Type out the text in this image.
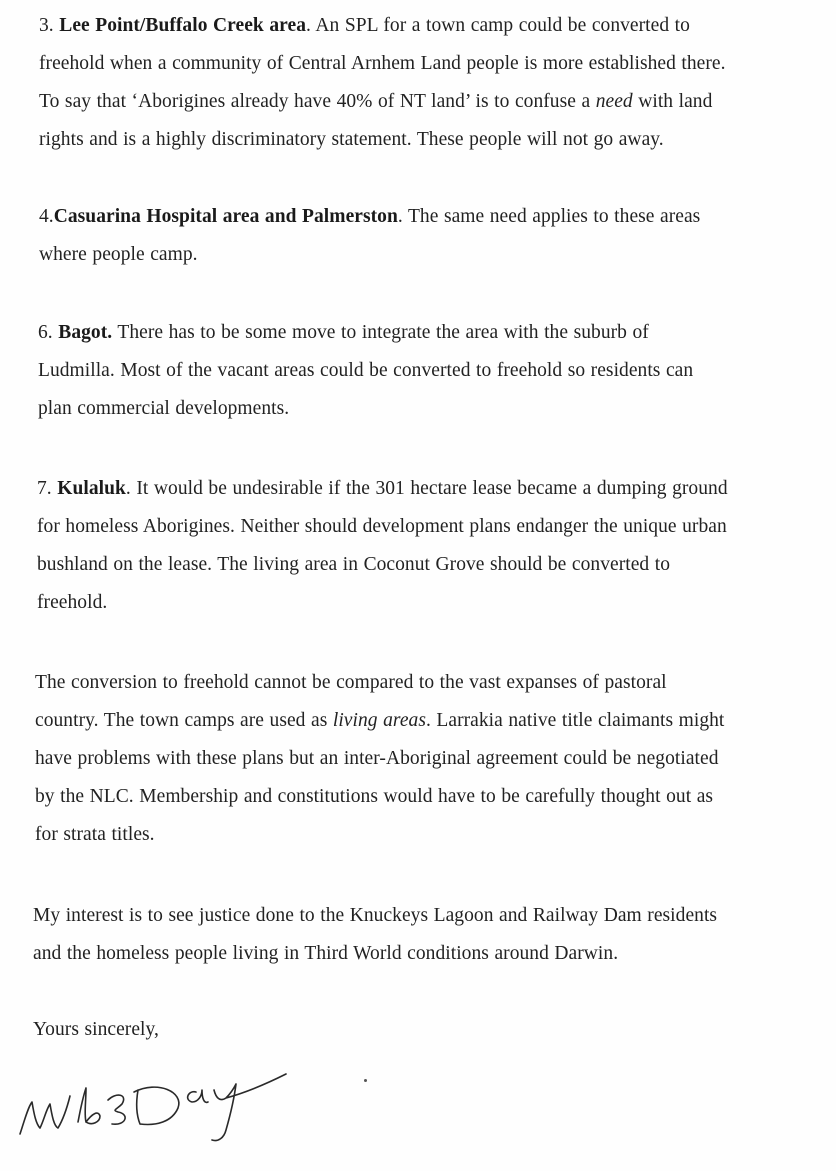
3. Lee Point/Buffalo Creek area. An SPL for a town camp could be converted to
freehold when a community of Central Arnhem Land people is more established there.
To say that ‘Aborigines already have 40% of NT land’ is to confuse a need with land
rights and is a highly discriminatory statement. These people will not go away.

4.Casuarina Hospital area and Palmerston. The same need applies to these areas
where people camp.

6. Bagot. There has to be some move to integrate the area with the suburb of
Ludmilla. Most of the vacant areas could be converted to freehold so residents can
plan commercial developments.

7. Kulaluk. It would be undesirable if the 301 hectare lease became a dumping ground
for homeless Aborigines. Neither should development plans endanger the unique urban
bushland on the lease. The living area in Coconut Grove should be converted to
freehold.

The conversion to freehold cannot be compared to the vast expanses of pastoral
country. The town camps are used as living areas. Larrakia native title claimants might
have problems with these plans but an inter-Aboriginal agreement could be negotiated
by the NLC. Membership and constitutions would have to be carefully thought out as
for strata titles.

My interest is to see justice done to the Knuckeys Lagoon and Railway Dam residents
and the homeless people living in Third World conditions around Darwin.

Yours sincerely,
